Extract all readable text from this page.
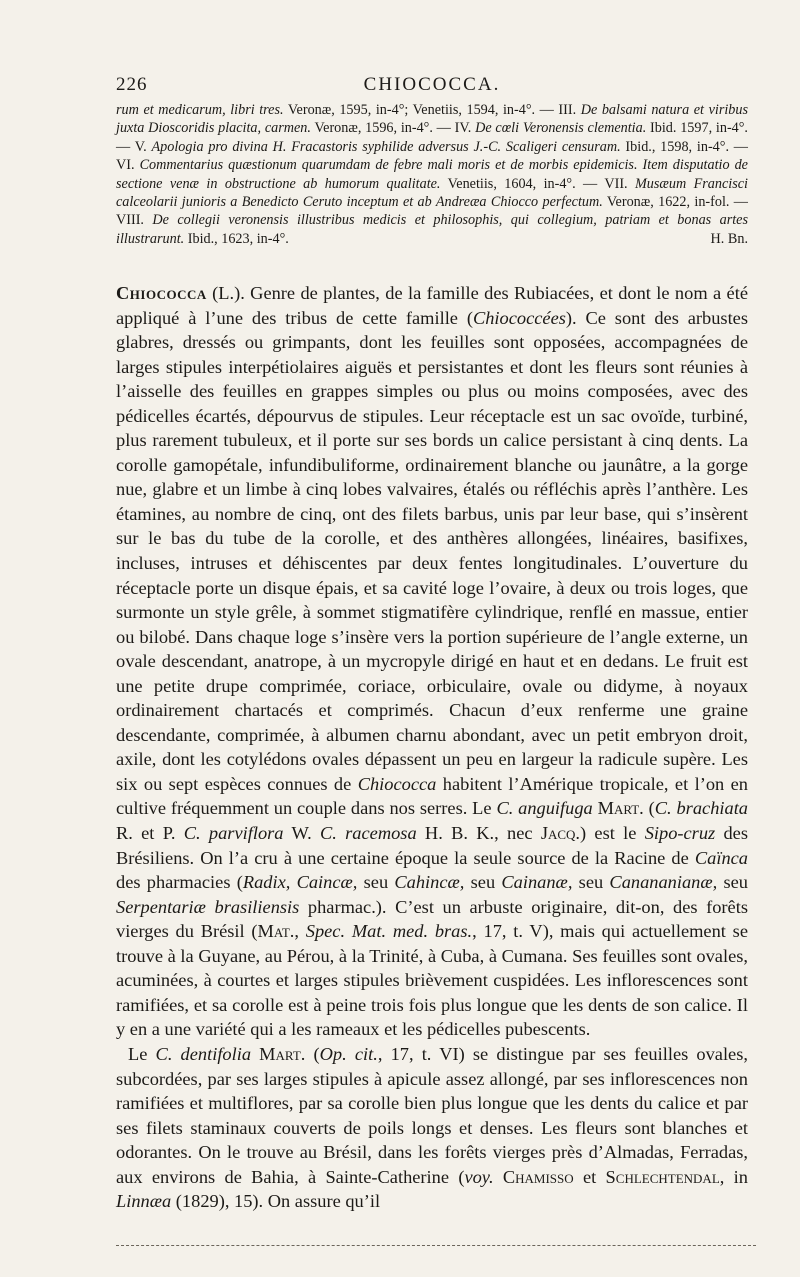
226	CHIOCOCCA.
rum et medicarum, libri tres. Veronæ, 1595, in-4°; Venetiis, 1594, in-4°. — III. De balsami natura et viribus juxta Dioscoridis placita, carmen. Veronæ, 1596, in-4°. — IV. De cœli Veronensis clementia. Ibid. 1597, in-4°. — V. Apologia pro divina H. Fracastoris syphilide adversus J.-C. Scaligeri censuram. Ibid., 1598, in-4°. — VI. Commentarius quæstionum quarumdam de febre mali moris et de morbis epidemicis. Item disputatio de sectione venæ in obstructione ab humorum qualitate. Venetiis, 1604, in-4°. — VII. Musæum Francisci calceolarii junioris a Benedicto Ceruto inceptum et ab Andreæa Chiocco perfectum. Veronæ, 1622, in-fol. — VIII. De collegii veronensis illustribus medicis et philosophis, qui collegium, patriam et bonas artes illustrarunt. Ibid., 1623, in-4°.	H. Bn.

Chiococca (L.). Genre de plantes, de la famille des Rubiacées, et dont le nom a été appliqué à l’une des tribus de cette famille (Chiococcées). Ce sont des arbustes glabres, dressés ou grimpants, dont les feuilles sont opposées, accompagnées de larges stipules interpétiolaires aiguës et persistantes et dont les fleurs sont réunies à l’aisselle des feuilles en grappes simples ou plus ou moins composées, avec des pédicelles écartés, dépourvus de stipules. Leur réceptacle est un sac ovoïde, turbiné, plus rarement tubuleux, et il porte sur ses bords un calice persistant à cinq dents. La corolle gamopétale, infundibuliforme, ordinairement blanche ou jaunâtre, a la gorge nue, glabre et un limbe à cinq lobes valvaires, étalés ou réfléchis après l’anthère. Les étamines, au nombre de cinq, ont des filets barbus, unis par leur base, qui s’insèrent sur le bas du tube de la corolle, et des anthères allongées, linéaires, basifixes, incluses, intruses et déhiscentes par deux fentes longitudinales. L’ouverture du réceptacle porte un disque épais, et sa cavité loge l’ovaire, à deux ou trois loges, que surmonte un style grêle, à sommet stigmatifère cylindrique, renflé en massue, entier ou bilobé. Dans chaque loge s’insère vers la portion supérieure de l’angle externe, un ovale descendant, anatrope, à un mycropyle dirigé en haut et en dedans. Le fruit est une petite drupe comprimée, coriace, orbiculaire, ovale ou didyme, à noyaux ordinairement chartacés et comprimés. Chacun d’eux renferme une graine descendante, comprimée, à albumen charnu abondant, avec un petit embryon droit, axile, dont les cotylédons ovales dépassent un peu en largeur la radicule supère. Les six ou sept espèces connues de Chiococca habitent l’Amérique tropicale, et l’on en cultive fréquemment un couple dans nos serres. Le C. anguifuga Mart. (C. brachiata R. et P. C. parviflora W. C. racemosa H. B. K., nec Jacq.) est le Sipo-cruz des Brésiliens. On l’a cru à une certaine époque la seule source de la Racine de Caïnca des pharmacies (Radix, Caincæ, seu Cahincæ, seu Cainanæ, seu Canananianæ, seu Serpentariæ brasiliensis pharmac.). C’est un arbuste originaire, dit-on, des forêts vierges du Brésil (Mat., Spec. Mat. med. bras., 17, t. V), mais qui actuellement se trouve à la Guyane, au Pérou, à la Trinité, à Cuba, à Cumana. Ses feuilles sont ovales, acuminées, à courtes et larges stipules brièvement cuspidées. Les inflorescences sont ramifiées, et sa corolle est à peine trois fois plus longue que les dents de son calice. Il y en a une variété qui a les rameaux et les pédicelles pubescents.

Le C. dentifolia Mart. (Op. cit., 17, t. VI) se distingue par ses feuilles ovales, subcordées, par ses larges stipules à apicule assez allongé, par ses inflorescences non ramifiées et multiflores, par sa corolle bien plus longue que les dents du calice et par ses filets staminaux couverts de poils longs et denses. Les fleurs sont blanches et odorantes. On le trouve au Brésil, dans les forêts vierges près d’Almadas, Ferradas, aux environs de Bahia, à Sainte-Catherine (voy. Chamisso et Schlechtendal, in Linnæa (1829), 15). On assure qu’il
